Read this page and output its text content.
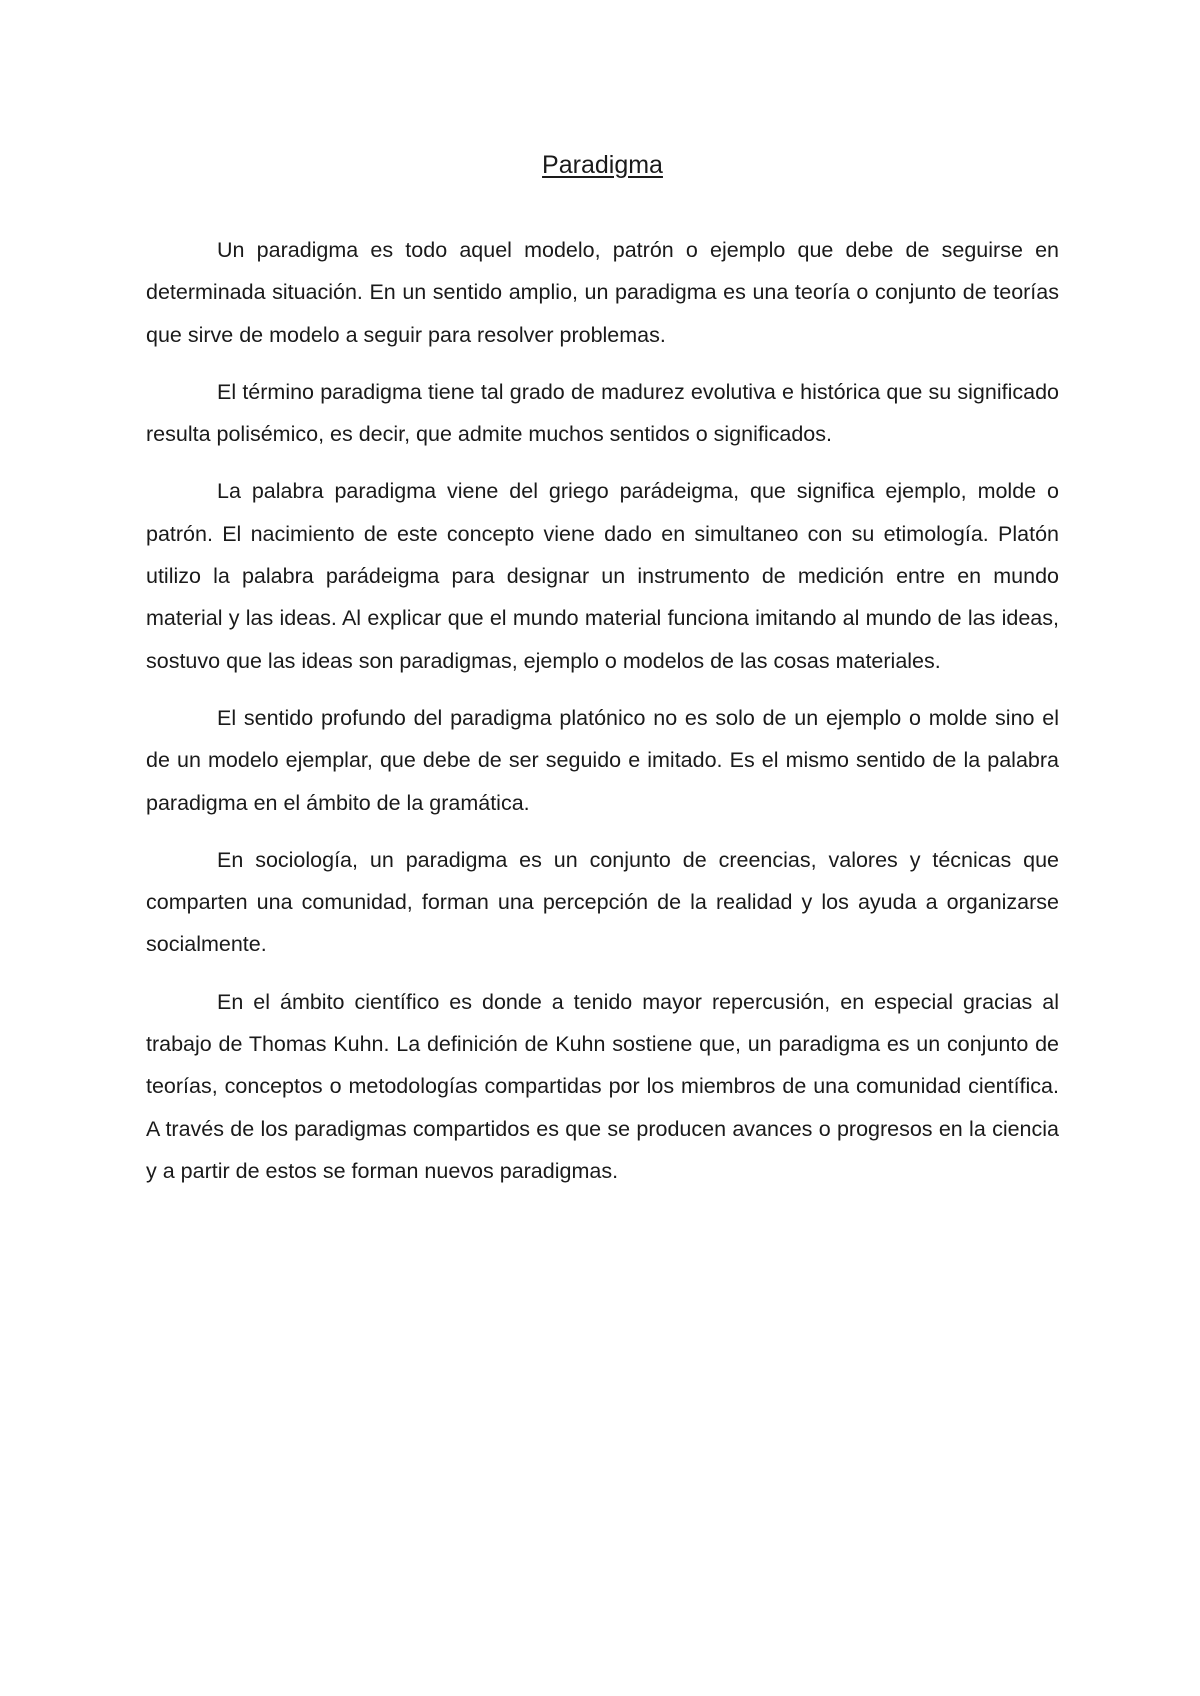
Paradigma

Un paradigma es todo aquel modelo, patrón o ejemplo que debe de seguirse en determinada situación. En un sentido amplio, un paradigma es una teoría o conjunto de teorías que sirve de modelo a seguir para resolver problemas.

El término paradigma tiene tal grado de madurez evolutiva e histórica que su significado resulta polisémico, es decir, que admite muchos sentidos o significados.

La palabra paradigma viene del griego parádeigma, que significa ejemplo, molde o patrón. El nacimiento de este concepto viene dado en simultaneo con su etimología. Platón utilizo la palabra parádeigma para designar un instrumento de medición entre en mundo material y las ideas. Al explicar que el mundo material funciona imitando al mundo de las ideas, sostuvo que las ideas son paradigmas, ejemplo o modelos de las cosas materiales.

El sentido profundo del paradigma platónico no es solo de un ejemplo o molde sino el de un modelo ejemplar, que debe de ser seguido e imitado. Es el mismo sentido de la palabra paradigma en el ámbito de la gramática.

En sociología, un paradigma es un conjunto de creencias, valores y técnicas que comparten una comunidad, forman una percepción de la realidad y los ayuda a organizarse socialmente.

En el ámbito científico es donde a tenido mayor repercusión, en especial gracias al trabajo de Thomas Kuhn. La definición de Kuhn sostiene que, un paradigma es un conjunto de teorías, conceptos o metodologías compartidas por los miembros de una comunidad científica. A través de los paradigmas compartidos es que se producen avances o progresos en la ciencia y a partir de estos se forman nuevos paradigmas.
